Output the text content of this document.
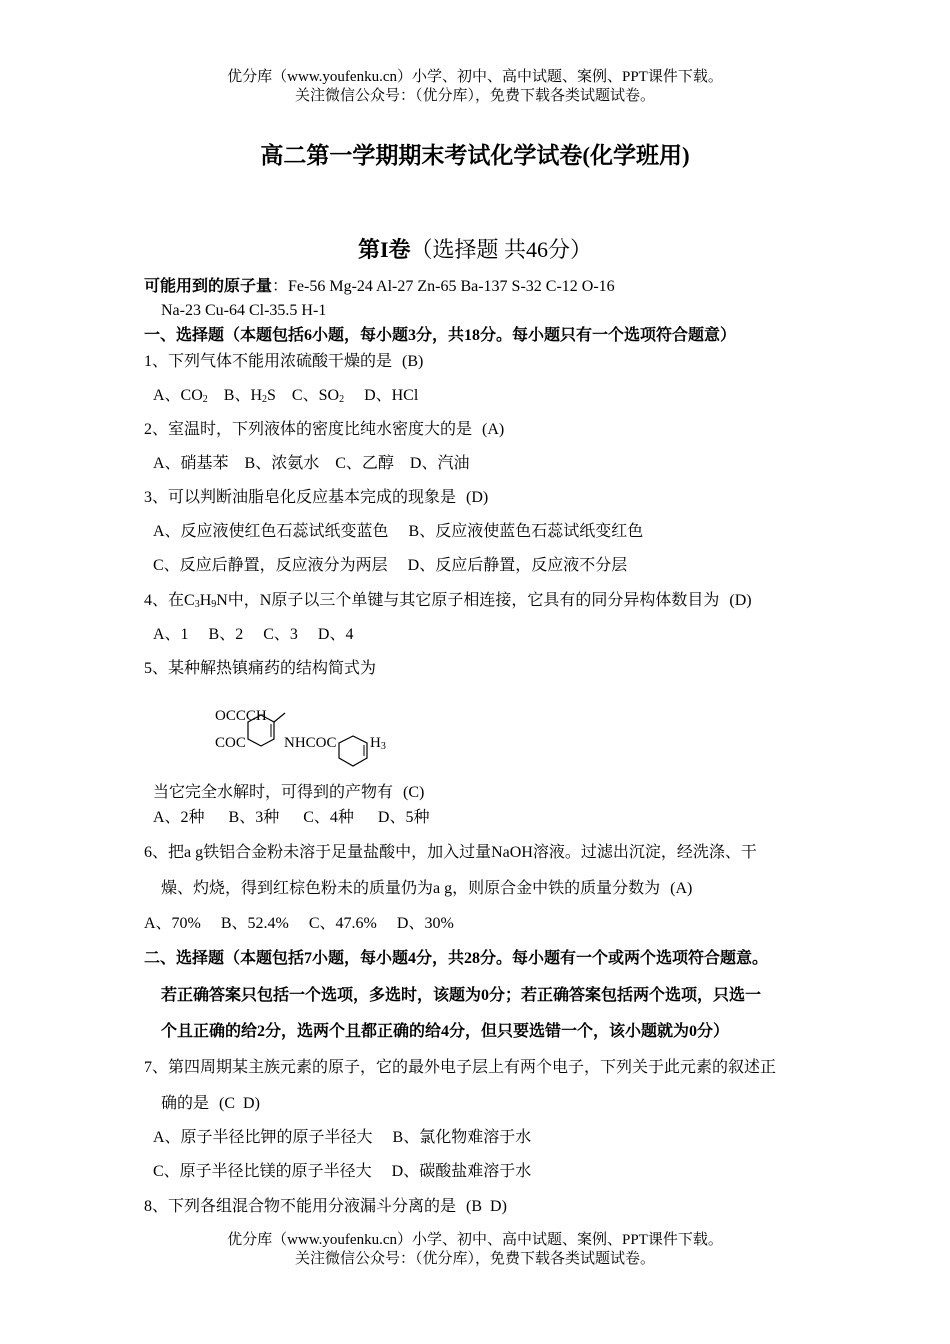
优分库（www.youfenku.cn）小学、初中、高中试题、案例、PPT课件下载。
关注微信公众号：（优分库），免费下载各类试题试卷。
高二第一学期期末考试化学试卷(化学班用)
第I卷（选择题 共46分）
可能用到的原子量：Fe-56 Mg-24 Al-27 Zn-65 Ba-137 S-32 C-12 O-16
Na-23 Cu-64 Cl-35.5 H-1
一、选择题（本题包括6小题，每小题3分，共18分。每小题只有一个选项符合题意）
1、下列气体不能用浓硫酸干燥的是 (B)
A、$CO_2$    B、$H_2S$    C、$SO_2$     D、HCl
2、室温时，下列液体的密度比纯水密度大的是 (A)
A、硝基苯    B、浓氨水    C、乙醇    D、汽油
3、可以判断油脂皂化反应基本完成的现象是 (D)
A、反应液使红色石蕊试纸变蓝色     B、反应液使蓝色石蕊试纸变红色
C、反应后静置，反应液分为两层     D、反应后静置，反应液不分层
4、在$C_3H_9N$中，N原子以三个单键与其它原子相连接，它具有的同分异构体数目为 (D)
A、1     B、2     C、3     D、4
5、某种解热镇痛药的结构简式为
OCCCH
COC	NHCOC $H_3$
当它完全水解时，可得到的产物有 (C)
A、2种      B、3种      C、4种      D、5种
6、把a g铁铝合金粉未溶于足量盐酸中，加入过量NaOH溶液。过滤出沉淀，经洗涤、干
燥、灼烧，得到红棕色粉未的质量仍为a g，则原合金中铁的质量分数为 (A)
A、70%     B、52.4%     C、47.6%     D、30%
二、选择题（本题包括7小题，每小题4分，共28分。每小题有一个或两个选项符合题意。
若正确答案只包括一个选项，多选时，该题为0分；若正确答案包括两个选项，只选一
个且正确的给2分，选两个且都正确的给4分，但只要选错一个，该小题就为0分）
7、第四周期某主族元素的原子，它的最外电子层上有两个电子，下列关于此元素的叙述正
确的是 (C  D)
A、原子半径比钾的原子半径大     B、氯化物难溶于水
C、原子半径比镁的原子半径大     D、碳酸盐难溶于水
8、下列各组混合物不能用分液漏斗分离的是 (B  D)
优分库（www.youfenku.cn）小学、初中、高中试题、案例、PPT课件下载。
关注微信公众号：（优分库），免费下载各类试题试卷。
